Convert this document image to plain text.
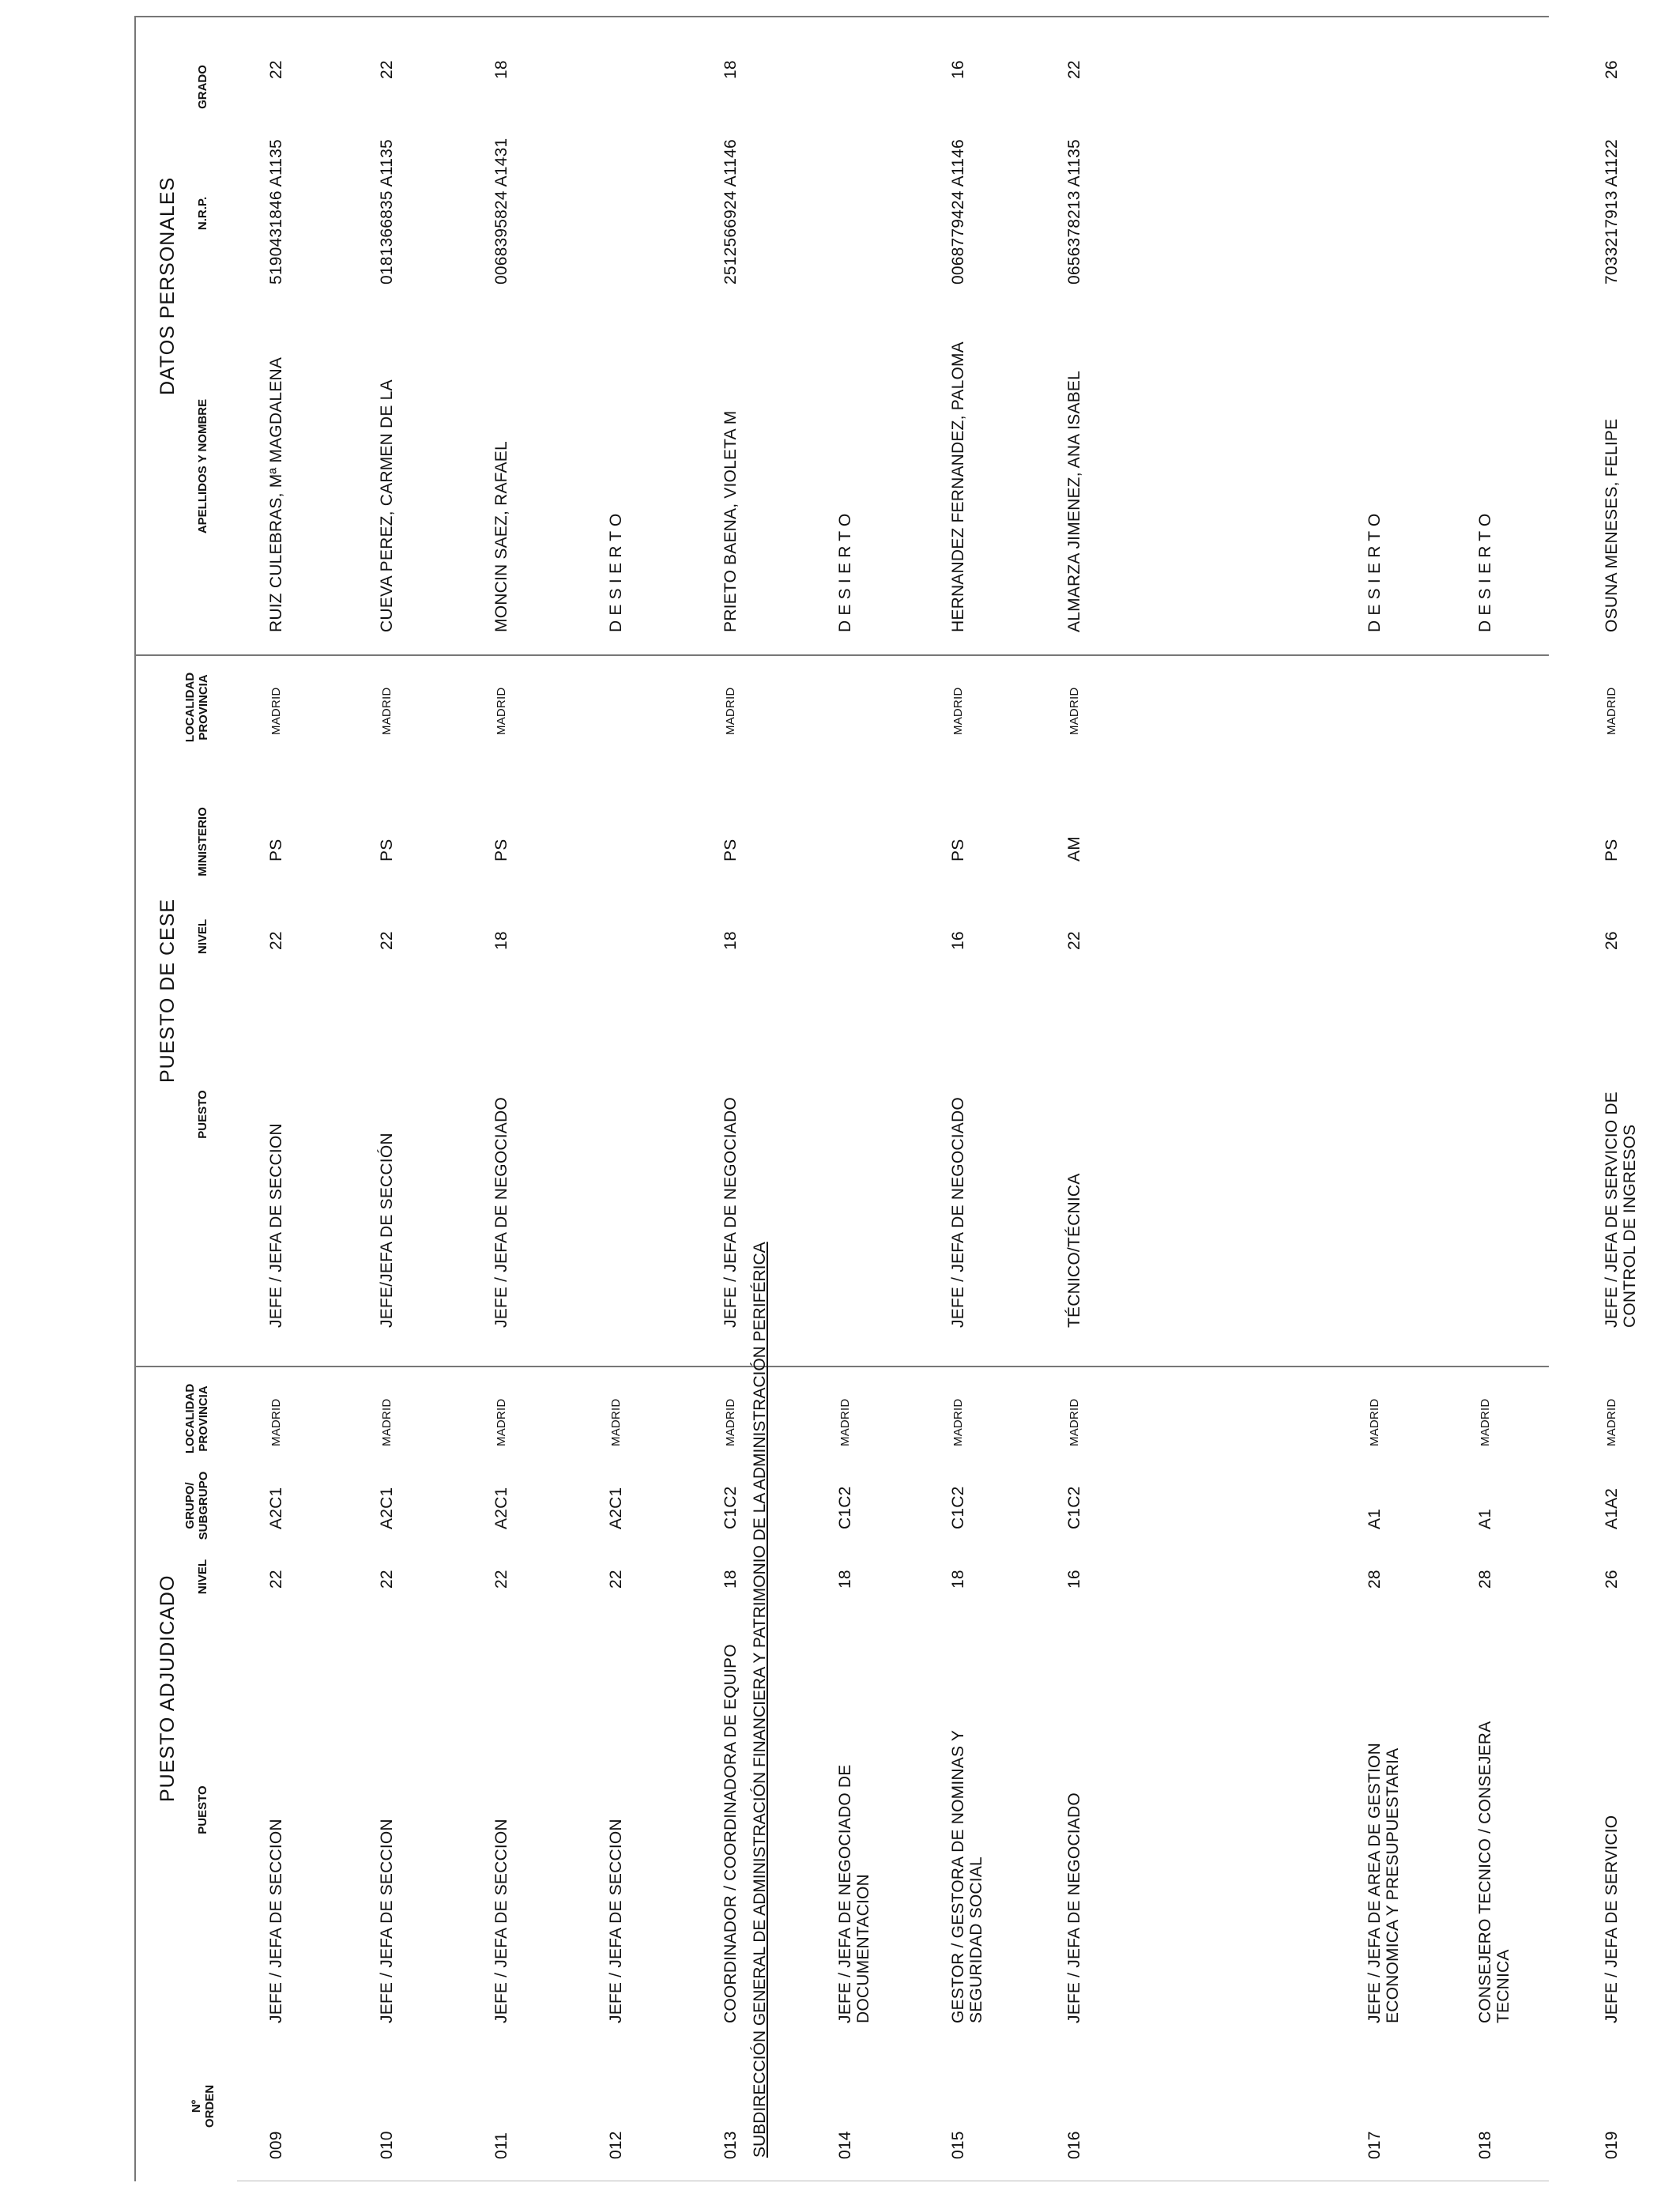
PUESTO ADJUDICADO
PUESTO DE CESE
DATOS PERSONALES
Nº ORDEN
PUESTO
NIVEL
GRUPO/ SUBGRUPO
LOCALIDAD PROVINCIA
PUESTO
NIVEL
MINISTERIO
LOCALIDAD PROVINCIA
APELLIDOS Y NOMBRE
N.R.P.
GRADO
009
JEFE / JEFA DE SECCION
22
A2C1
MADRID
JEFE / JEFA DE SECCION
22
PS
MADRID
RUIZ CULEBRAS, Mª MAGDALENA
5190431846 A1135
22
010
JEFE / JEFA DE SECCION
22
A2C1
MADRID
JEFE/JEFA DE SECCIÓN
22
PS
MADRID
CUEVA PEREZ, CARMEN DE LA
0181366835 A1135
22
011
JEFE / JEFA DE SECCION
22
A2C1
MADRID
JEFE / JEFA DE NEGOCIADO
18
PS
MADRID
MONCIN SAEZ, RAFAEL
0068395824 A1431
18
012
JEFE / JEFA DE SECCION
22
A2C1
MADRID
D E S I E R T O
013
COORDINADOR / COORDINADORA DE EQUIPO
18
C1C2
MADRID
JEFE / JEFA DE NEGOCIADO
18
PS
MADRID
PRIETO BAENA, VIOLETA M
2512566924 A1146
18
014
JEFE / JEFA DE NEGOCIADO DE DOCUMENTACION
18
C1C2
MADRID
D E S I E R T O
015
GESTOR / GESTORA DE NOMINAS Y SEGURIDAD SOCIAL
18
C1C2
MADRID
JEFE / JEFA DE NEGOCIADO
16
PS
MADRID
HERNANDEZ FERNANDEZ, PALOMA
0068779424 A1146
16
016
JEFE / JEFA DE NEGOCIADO
16
C1C2
MADRID
TÉCNICO/TÉCNICA
22
AM
MADRID
ALMARZA JIMENEZ, ANA ISABEL
0656378213 A1135
22
017
JEFE / JEFA DE AREA DE GESTION ECONOMICA Y PRESUPUESTARIA
28
A1
MADRID
D E S I E R T O
018
CONSEJERO TECNICO / CONSEJERA TECNICA
28
A1
MADRID
D E S I E R T O
019
JEFE / JEFA DE SERVICIO
26
A1A2
MADRID
JEFE / JEFA DE SERVICIO DE CONTROL DE INGRESOS
26
PS
MADRID
OSUNA MENESES, FELIPE
7033217913 A1122
26
SUBDIRECCIÓN GENERAL DE ADMINISTRACIÓN FINANCIERA Y PATRIMONIO DE LA ADMINISTRACIÓN PERIFÉRICA
